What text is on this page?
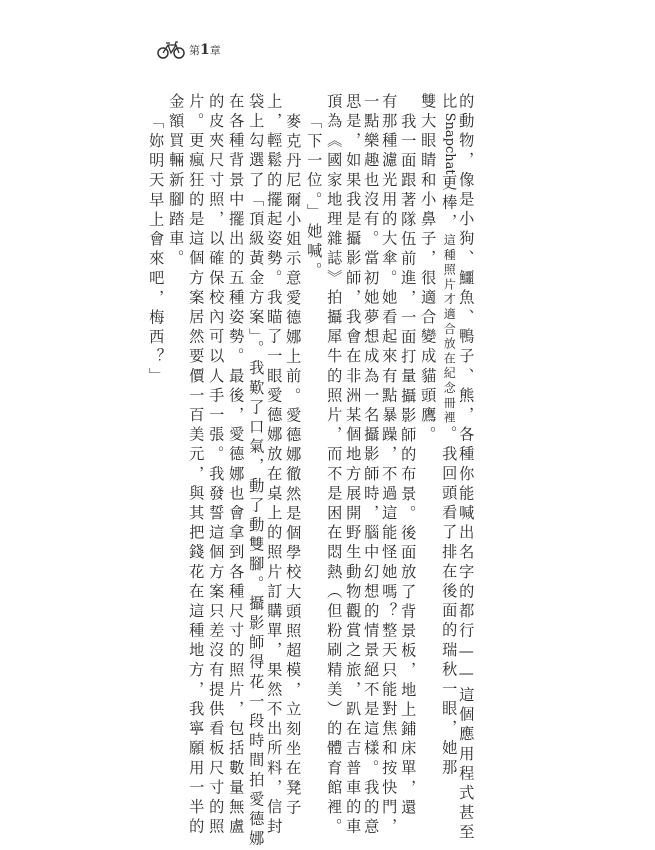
第1章
的動物，像是小狗、鱷魚、鴨子、熊，各種你能喊出名字的都行——這個應用程式甚至
比Snapchat更棒，這種照片才適合放在紀念冊裡。我回頭看了排在後面的瑞秋一眼，她那
雙大眼睛和小鼻子，很適合變成貓頭鷹。
我一面跟著隊伍前進，一面打量攝影師的布景。後面放了背景板，地上鋪床單，還
有那種濾光用的大傘。她看起來有點暴躁，不過這能怪她嗎？整天只能對焦和按快門，
一點樂趣也沒有。當初她夢想成為一名攝影師時，腦中幻想的情景絕不是這樣。我的意
思是，如果我是攝影師，我會在非洲某個地方展開野生動物觀賞之旅，趴在吉普車的車
頂為《國家地理雜誌》拍攝犀牛的照片，而不是困在悶熱（但粉刷精美）的體育館裡。
「下一位。」她喊。
麥克丹尼爾小姐示意愛德娜上前。愛德娜徹然是個學校大頭照超模，立刻坐在凳子
上，輕鬆的擺起姿勢。我瞄了一眼愛德娜放在桌上的照片訂購單，果然不出所料，信封
袋上勾選了「頂級黃金方案」。我歎了口氣，動了動雙腳。攝影師得花一段時間拍愛德娜
在各種背景中擺出的五種姿勢。最後，愛德娜也會拿到各種尺寸的照片，包括數量無盧
的皮夾尺寸照，以確保校內可以人手一張。我發誓這個方案只差沒有提供看板尺寸的照
片。更瘋狂的是這個方案居然要價一百美元，與其把錢花在這種地方，我寧願用一半的
金額買輛新腳踏車。
「妳明天早上會來吧，梅西？」
